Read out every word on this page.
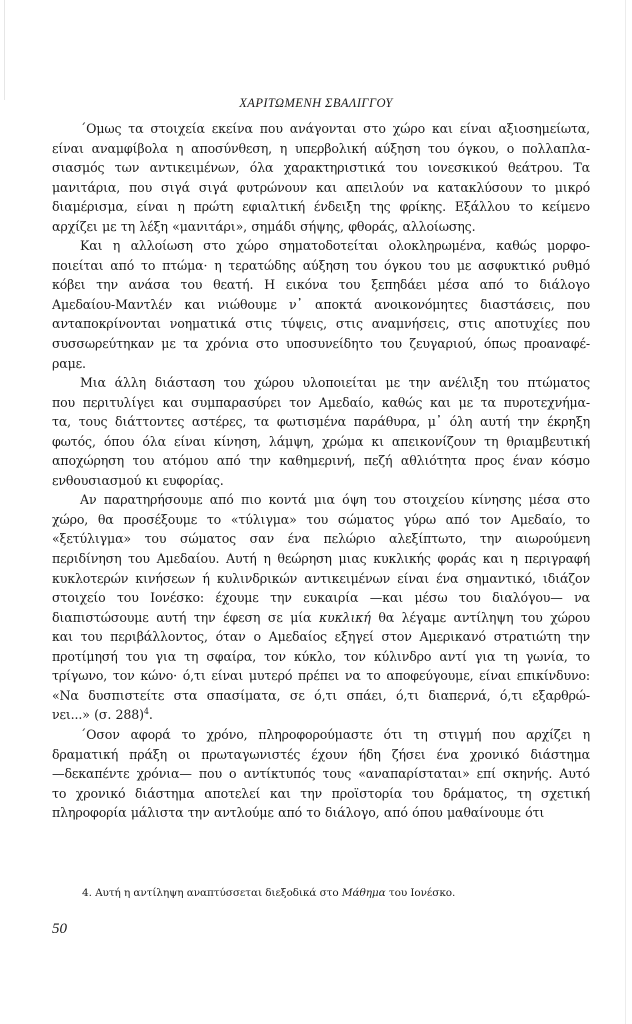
ΧΑΡΙΤΩΜΕΝΗ ΣΒΑΛΙΓΓΟΥ
΄Ομως τα στοιχεία εκείνα που ανάγονται στο χώρο και είναι αξιοσημείωτα,
είναι αναμφίβολα η αποσύνθεση, η υπερβολική αύξηση του όγκου, ο πολλαπλα-
σιασμός των αντικειμένων, όλα χαρακτηριστικά του ιονεσκικού θεάτρου. Τα
μανιτάρια, που σιγά σιγά φυτρώνουν και απειλούν να κατακλύσουν το μικρό
διαμέρισμα, είναι η πρώτη εφιαλτική ένδειξη της φρίκης. Εξάλλου το κείμενο
αρχίζει με τη λέξη «μανιτάρι», σημάδι σήψης, φθοράς, αλλοίωσης.
Και η αλλοίωση στο χώρο σηματοδοτείται ολοκληρωμένα, καθώς μορφο-
ποιείται από το πτώμα· η τερατώδης αύξηση του όγκου του με ασφυκτικό ρυθμό
κόβει την ανάσα του θεατή. Η εικόνα του ξεπηδάει μέσα από το διάλογο
Αμεδαίου-Μαντλέν και νιώθουμε ν᾽ αποκτά ανοικονόμητες διαστάσεις, που
ανταποκρίνονται νοηματικά στις τύψεις, στις αναμνήσεις, στις αποτυχίες που
συσσωρεύτηκαν με τα χρόνια στο υποσυνείδητο του ζευγαριού, όπως προαναφέ-
ραμε.
Μια άλλη διάσταση του χώρου υλοποιείται με την ανέλιξη του πτώματος
που περιτυλίγει και συμπαρασύρει τον Αμεδαίο, καθώς και με τα πυροτεχνήμα-
τα, τους διάττοντες αστέρες, τα φωτισμένα παράθυρα, μ᾽ όλη αυτή την έκρηξη
φωτός, όπου όλα είναι κίνηση, λάμψη, χρώμα κι απεικονίζουν τη θριαμβευτική
αποχώρηση του ατόμου από την καθημερινή, πεζή αθλιότητα προς έναν κόσμο
ενθουσιασμού κι ευφορίας.
Αν παρατηρήσουμε από πιο κοντά μια όψη του στοιχείου κίνησης μέσα στο
χώρο, θα προσέξουμε το «τύλιγμα» του σώματος γύρω από τον Αμεδαίο, το
«ξετύλιγμα» του σώματος σαν ένα πελώριο αλεξίπτωτο, την αιωρούμενη
περιδίνηση του Αμεδαίου. Αυτή η θεώρηση μιας κυκλικής φοράς και η περιγραφή
κυκλοτερών κινήσεων ή κυλινδρικών αντικειμένων είναι ένα σημαντικό, ιδιάζον
στοιχείο του Ιονέσκο: έχουμε την ευκαιρία —και μέσω του διαλόγου— να
διαπιστώσουμε αυτή την έφεση σε μία κυκλική θα λέγαμε αντίληψη του χώρου
και του περιβάλλοντος, όταν ο Αμεδαίος εξηγεί στον Αμερικανό στρατιώτη την
προτίμησή του για τη σφαίρα, τον κύκλο, τον κύλινδρο αντί για τη γωνία, το
τρίγωνο, τον κώνο· ό,τι είναι μυτερό πρέπει να το αποφεύγουμε, είναι επικίνδυνο:
«Να δυσπιστείτε στα σπασίματα, σε ό,τι σπάει, ό,τι διαπερνά, ό,τι εξαρθρώ-
νει...» (σ. 288)$^4$.
΄Οσον αφορά το χρόνο, πληροφορούμαστε ότι τη στιγμή που αρχίζει η
δραματική πράξη οι πρωταγωνιστές έχουν ήδη ζήσει ένα χρονικό διάστημα
—δεκαπέντε χρόνια— που ο αντίκτυπός τους «αναπαρίσταται» επί σκηνής. Αυτό
το χρονικό διάστημα αποτελεί και την προϊστορία του δράματος, τη σχετική
πληροφορία μάλιστα την αντλούμε από το διάλογο, από όπου μαθαίνουμε ότι
4. Αυτή η αντίληψη αναπτύσσεται διεξοδικά στο Μάθημα του Ιονέσκο.
50
